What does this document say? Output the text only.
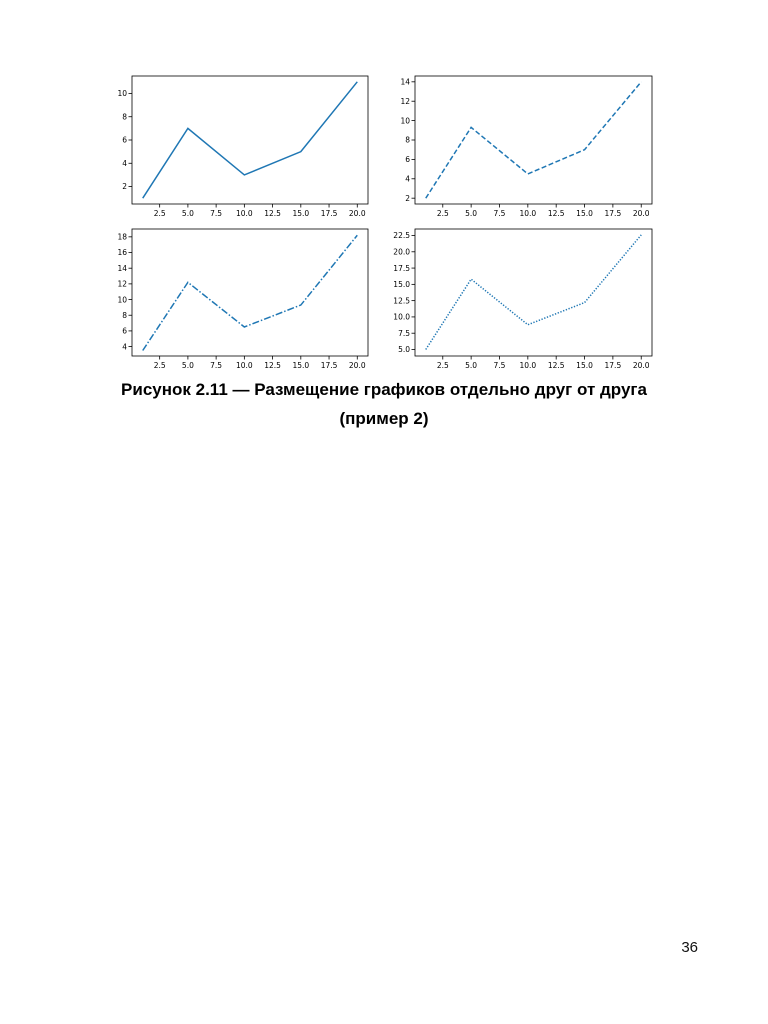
Рисунок 2.11 — Размещение графиков отдельно друг от друга
(пример 2)
36
2.5 5.0 7.5 10.0 12.5 15.0 17.5 20.0
2
4
6
8
10
2.5 5.0 7.5 10.0 12.5 15.0 17.5 20.0
2
4
6
8
10
12
14
2.5 5.0 7.5 10.0 12.5 15.0 17.5 20.0
4
6
8
10
12
14
16
18
2.5 5.0 7.5 10.0 12.5 15.0 17.5 20.0
5.0
7.5
10.0
12.5
15.0
17.5
20.0
22.5
